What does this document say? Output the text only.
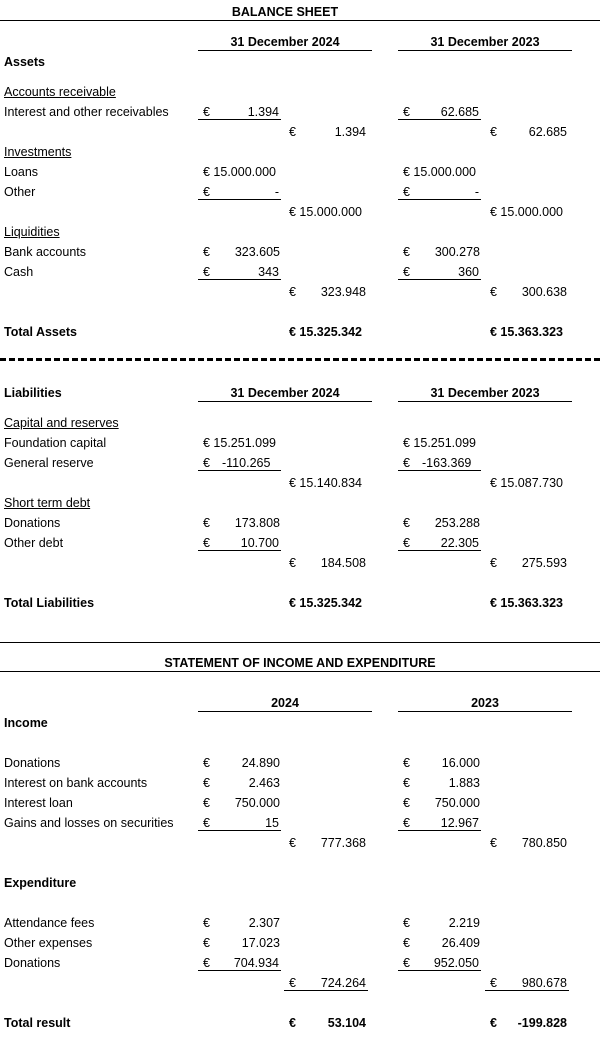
BALANCE SHEET
31 December 2024	31 December 2023
Assets
Accounts receivable
Interest and other receivables	€	1.394	€ 62.685
€	1.394	€	62.685
Investments
Loans	€ 15.000.000	€ 15.000.000
Other	€	-	€	-
€ 15.000.000	€ 15.000.000
Liquidities
Bank accounts	€ 323.605	€ 300.278
Cash	€	343	€	360
€ 323.948	€ 300.638
Total Assets	€ 15.325.342	€ 15.363.323
Liabilities	31 December 2024	31 December 2023
Capital and reserves
Foundation capital	€ 15.251.099	€ 15.251.099
General reserve	€ -110.265	€ -163.369
€ 15.140.834	€ 15.087.730
Short term debt
Donations	€ 173.808	€ 253.288
Other debt	€ 10.700	€ 22.305
€ 184.508	€ 275.593
Total Liabilities	€ 15.325.342	€ 15.363.323
STATEMENT OF INCOME AND EXPENDITURE
2024	2023
Income
Donations	€	24.890	€	16.000
Interest on bank accounts	€	2.463	€	1.883
Interest loan	€ 750.000	€ 750.000
Gains and losses on securities €	15	€ 12.967
€ 777.368	€ 780.850
Expenditure
Attendance fees	€	2.307	€	2.219
Other expenses	€	17.023	€	26.409
Donations	€ 704.934	€ 952.050
€ 724.264	€ 980.678
Total result	€	53.104	€ -199.828
